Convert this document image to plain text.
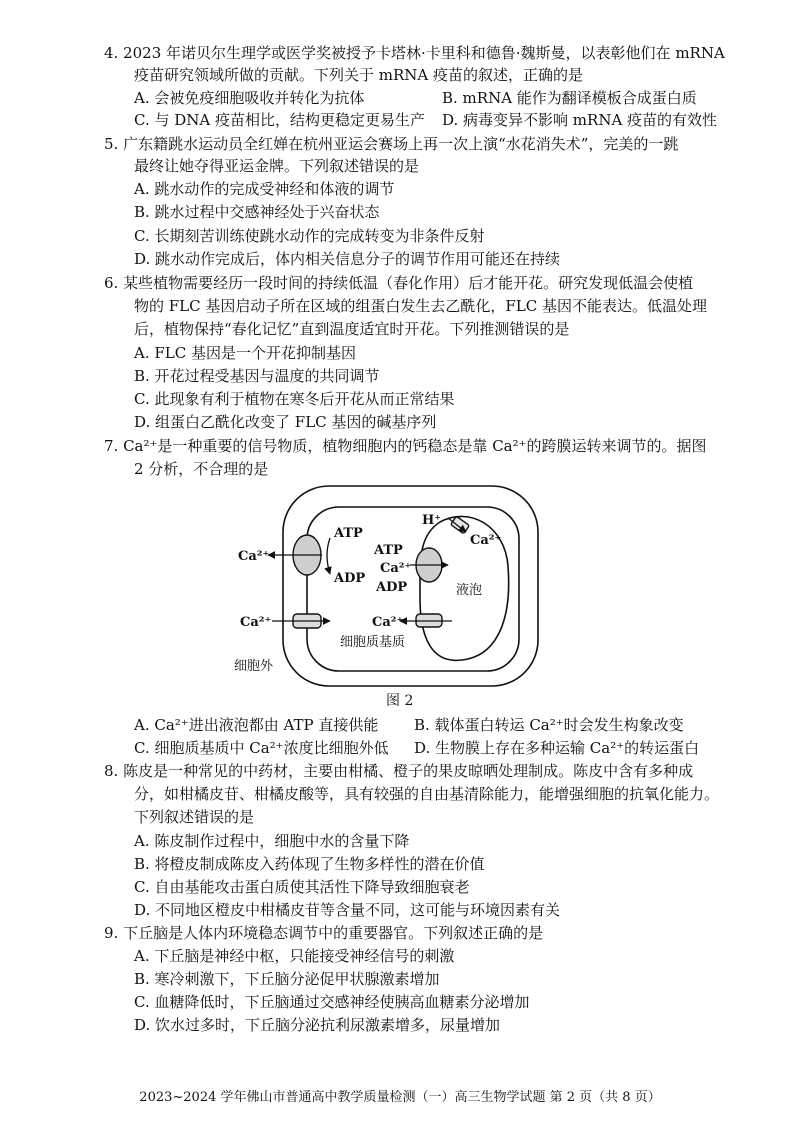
4. 2023 年诺贝尔生理学或医学奖被授予卡塔林·卡里科和德鲁·魏斯曼，以表彰他们在 mRNA
疫苗研究领域所做的贡献。下列关于 mRNA 疫苗的叙述，正确的是
A. 会被免疫细胞吸收并转化为抗体	B. mRNA 能作为翻译模板合成蛋白质
C. 与 DNA 疫苗相比，结构更稳定更易生产 D. 病毒变异不影响 mRNA 疫苗的有效性
5. 广东籍跳水运动员全红婵在杭州亚运会赛场上再一次上演“水花消失术”，完美的一跳
最终让她夺得亚运金牌。下列叙述错误的是
A. 跳水动作的完成受神经和体液的调节
B. 跳水过程中交感神经处于兴奋状态
C. 长期刻苦训练使跳水动作的完成转变为非条件反射
D. 跳水动作完成后，体内相关信息分子的调节作用可能还在持续
6. 某些植物需要经历一段时间的持续低温（春化作用）后才能开花。研究发现低温会使植
物的 FLC 基因启动子所在区域的组蛋白发生去乙酰化，FLC 基因不能表达。低温处理
后，植物保持“春化记忆”直到温度适宜时开花。下列推测错误的是
A. FLC 基因是一个开花抑制基因
B. 开花过程受基因与温度的共同调节
C. 此现象有利于植物在寒冬后开花从而正常结果
D. 组蛋白乙酰化改变了 FLC 基因的碱基序列
7. Ca²⁺是一种重要的信号物质，植物细胞内的钙稳态是靠 Ca²⁺的跨膜运转来调节的。据图
2 分析，不合理的是
Ca²⁺
ATP
ADP
Ca²⁺
ATP
Ca²⁺
ADP
Ca²⁺
H⁺
Ca²⁺
液泡
细胞质基质
细胞外
图 2
A. Ca²⁺进出液泡都由 ATP 直接供能 B. 载体蛋白转运 Ca²⁺时会发生构象改变
C. 细胞质基质中 Ca²⁺浓度比细胞外低 D. 生物膜上存在多种运输 Ca²⁺的转运蛋白
8. 陈皮是一种常见的中药材，主要由柑橘、橙子的果皮晾晒处理制成。陈皮中含有多种成
分，如柑橘皮苷、柑橘皮酸等，具有较强的自由基清除能力，能增强细胞的抗氧化能力。
下列叙述错误的是
A. 陈皮制作过程中，细胞中水的含量下降
B. 将橙皮制成陈皮入药体现了生物多样性的潜在价值
C. 自由基能攻击蛋白质使其活性下降导致细胞衰老
D. 不同地区橙皮中柑橘皮苷等含量不同，这可能与环境因素有关
9. 下丘脑是人体内环境稳态调节中的重要器官。下列叙述正确的是
A. 下丘脑是神经中枢，只能接受神经信号的刺激
B. 寒冷刺激下，下丘脑分泌促甲状腺激素增加
C. 血糖降低时，下丘脑通过交感神经使胰高血糖素分泌增加
D. 饮水过多时，下丘脑分泌抗利尿激素增多，尿量增加
2023~2024 学年佛山市普通高中教学质量检测（一）高三生物学试题 第 2 页（共 8 页）
